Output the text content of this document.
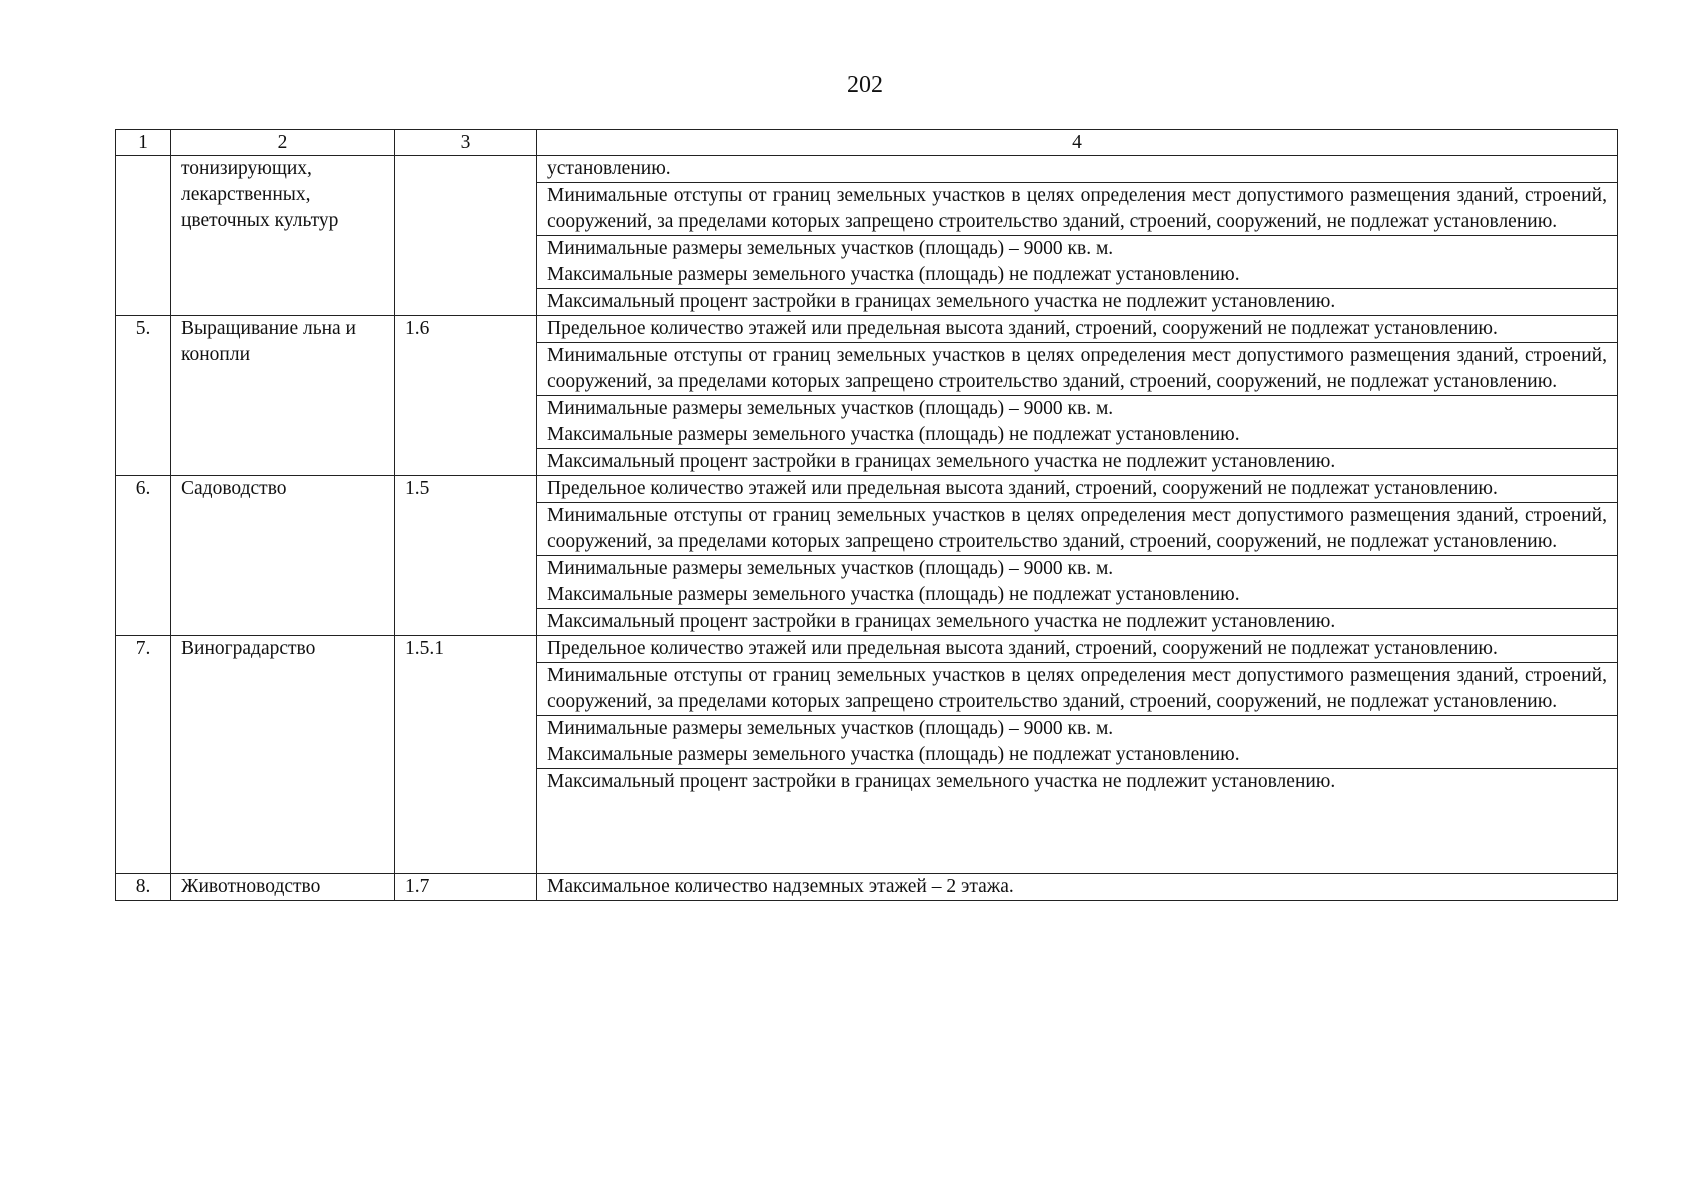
202
1	2	3	4
	тонизирующих, лекарственных, цветочных культур		установлению.
			Минимальные отступы от границ земельных участков в целях определения мест допустимого размещения зданий, строений, сооружений, за пределами которых запрещено строительство зданий, строений, сооружений, не подлежат установлению.

			Минимальные размеры земельных участков (площадь) – 9000 кв. м.
Максимальные размеры земельного участка (площадь) не подлежат установлению.

			Максимальный процент застройки в границах земельного участка не подлежит установлению.
5.	Выращивание льна и конопли	1.6	Предельное количество этажей или предельная высота зданий, строений, сооружений не подлежат установлению.
			Минимальные отступы от границ земельных участков в целях определения мест допустимого размещения зданий, строений, сооружений, за пределами которых запрещено строительство зданий, строений, сооружений, не подлежат установлению.

			Минимальные размеры земельных участков (площадь) – 9000 кв. м.
Максимальные размеры земельного участка (площадь) не подлежат установлению.

			Максимальный процент застройки в границах земельного участка не подлежит установлению.
6.	Садоводство	1.5	Предельное количество этажей или предельная высота зданий, строений, сооружений не подлежат установлению.
			Минимальные отступы от границ земельных участков в целях определения мест допустимого размещения зданий, строений, сооружений, за пределами которых запрещено строительство зданий, строений, сооружений, не подлежат установлению.

			Минимальные размеры земельных участков (площадь) – 9000 кв. м.
Максимальные размеры земельного участка (площадь) не подлежат установлению.

			Максимальный процент застройки в границах земельного участка не подлежит установлению.
7.	Виноградарство	1.5.1	Предельное количество этажей или предельная высота зданий, строений, сооружений не подлежат установлению.
			Минимальные отступы от границ земельных участков в целях определения мест допустимого размещения зданий, строений, сооружений, за пределами которых запрещено строительство зданий, строений, сооружений, не подлежат установлению.

			Минимальные размеры земельных участков (площадь) – 9000 кв. м.
Максимальные размеры земельного участка (площадь) не подлежат установлению.

			Максимальный процент застройки в границах земельного участка не подлежит установлению.
8.	Животноводство	1.7	Максимальное количество надземных этажей – 2 этажа.
